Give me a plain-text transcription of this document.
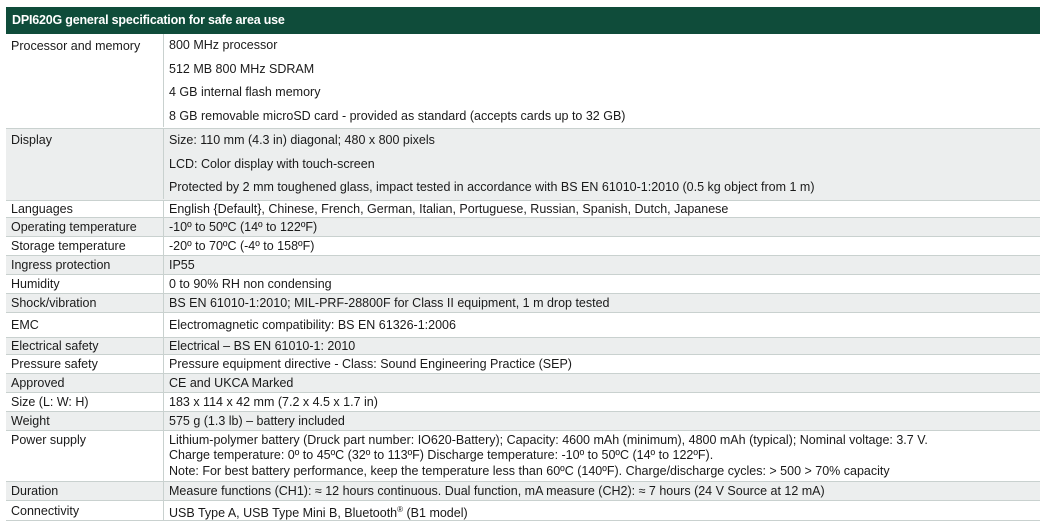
DPI620G general specification for safe area use
Processor and memory	800 MHz processor
512 MB 800 MHz SDRAM
4 GB internal flash memory
8 GB removable microSD card - provided as standard (accepts cards up to 32 GB)
Display	Size: 110 mm (4.3 in) diagonal; 480 x 800 pixels
LCD: Color display with touch-screen
Protected by 2 mm toughened glass, impact tested in accordance with BS EN 61010-1:2010 (0.5 kg object from 1 m)
Languages	English {Default}, Chinese, French, German, Italian, Portuguese, Russian, Spanish, Dutch, Japanese
Operating temperature	-10º to 50ºC (14º to 122ºF)
Storage temperature	-20º to 70ºC (-4º to 158ºF)
Ingress protection	IP55
Humidity	0 to 90% RH non condensing
Shock/vibration	BS EN 61010-1:2010; MIL-PRF-28800F for Class II equipment, 1 m drop tested
EMC	Electromagnetic compatibility: BS EN 61326-1:2006
Electrical safety	Electrical – BS EN 61010-1: 2010
Pressure safety	Pressure equipment directive - Class: Sound Engineering Practice (SEP)
Approved	CE and UKCA Marked
Size (L: W: H)	183 x 114 x 42 mm (7.2 x 4.5 x 1.7 in)
Weight	575 g (1.3 lb) – battery included
Power supply	Lithium-polymer battery (Druck part number: IO620-Battery); Capacity: 4600 mAh (minimum), 4800 mAh (typical); Nominal voltage: 3.7 V.
Charge temperature: 0º to 45ºC (32º to 113ºF) Discharge temperature: -10º to 50ºC (14º to 122ºF).
Note: For best battery performance, keep the temperature less than 60ºC (140ºF). Charge/discharge cycles: > 500 > 70% capacity
Duration	Measure functions (CH1): ≈ 12 hours continuous. Dual function, mA measure (CH2): ≈ 7 hours (24 V Source at 12 mA)
Connectivity	USB Type A, USB Type Mini B, Bluetooth® (B1 model)
